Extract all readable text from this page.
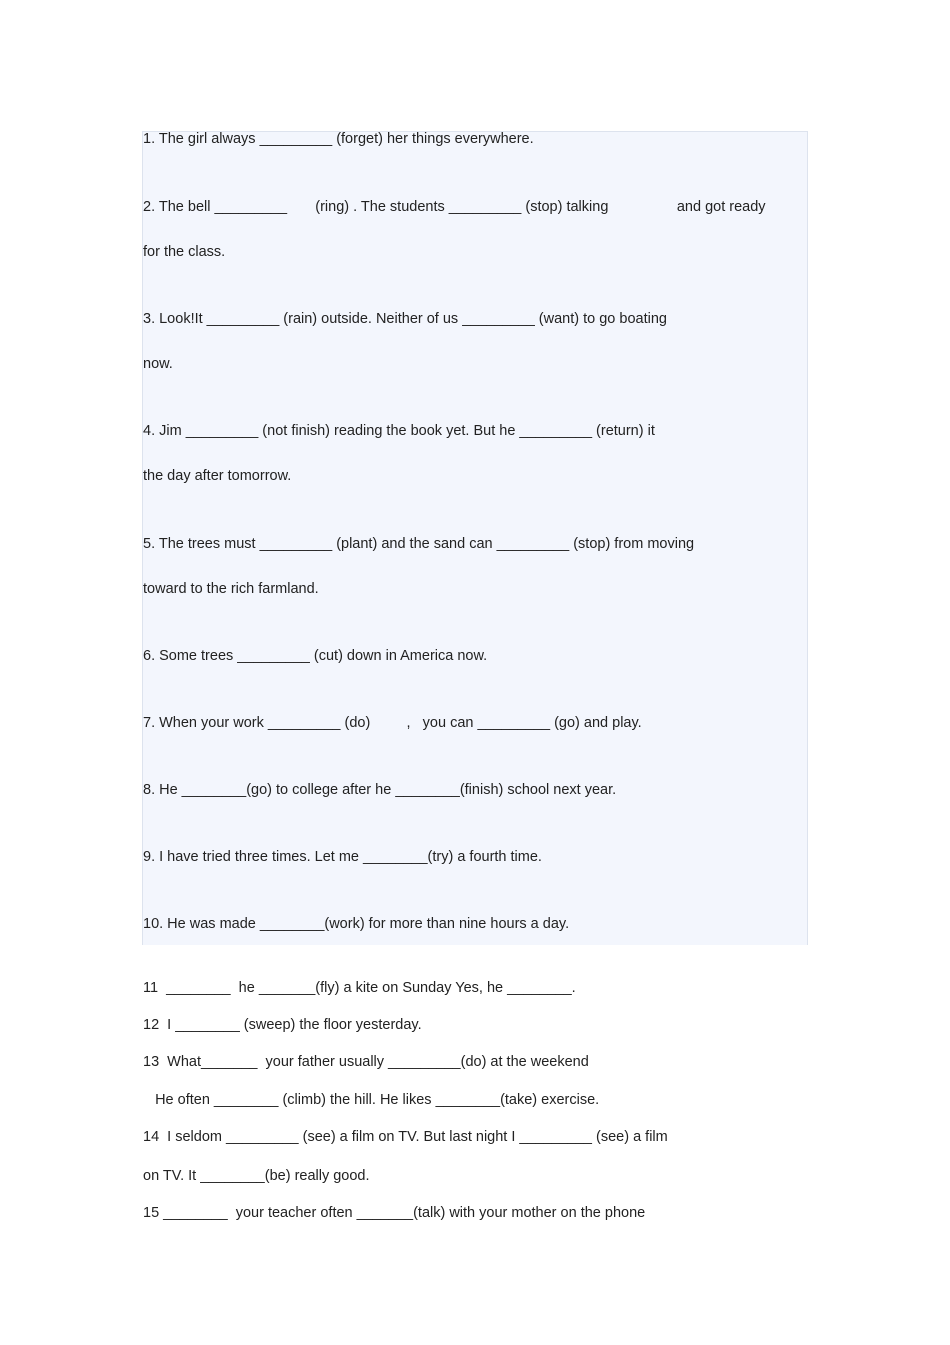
1. The girl always _________ (forget) her things everywhere.
2. The bell _________       (ring) . The students _________ (stop) talking                 and got ready
for the class.
3. Look!It _________ (rain) outside. Neither of us _________ (want) to go boating
now.
4. Jim _________ (not finish) reading the book yet. But he _________ (return) it
the day after tomorrow.
5. The trees must _________ (plant) and the sand can _________ (stop) from moving
toward to the rich farmland.
6. Some trees _________ (cut) down in America now.
7. When your work _________ (do)         ,   you can _________ (go) and play.
8. He ________(go) to college after he ________(finish) school next year.
9. I have tried three times. Let me ________(try) a fourth time.
10. He was made ________(work) for more than nine hours a day.
11  ________  he _______(fly) a kite on Sunday Yes, he ________.
12  I ________ (sweep) the floor yesterday.
13  What_______  your father usually _________(do) at the weekend
He often ________ (climb) the hill. He likes ________(take) exercise.
14  I seldom _________ (see) a film on TV. But last night I _________ (see) a film
on TV. It ________(be) really good.
15 ________  your teacher often _______(talk) with your mother on the phone
